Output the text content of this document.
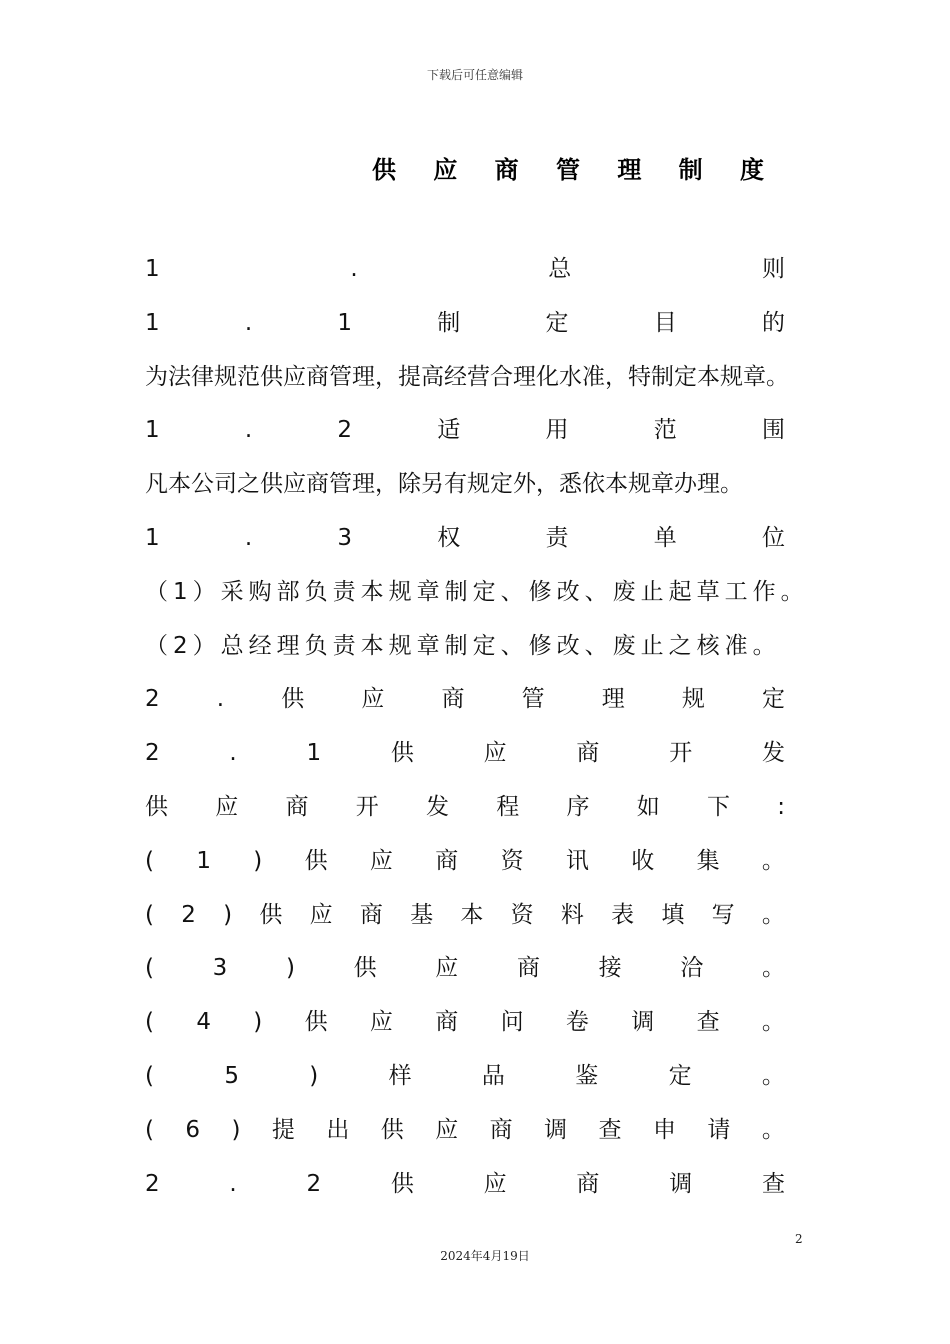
下载后可任意编辑
供 应 商 管 理 制 度
1	.	总	则
1	.	1	制	定	目	的
为法律规范供应商管理，提高经营合理化水准，特制定本规章。
1	.	2	适	用	范	围
凡本公司之供应商管理，除另有规定外，悉依本规章办理。
1	.	3	权	责	单	位
（1）采购部负责本规章制定、修改、废止起草工作。
（2）总经理负责本规章制定、修改、废止之核准。
2 . 供 应 商 管 理 规 定
2	.	1	供	应	商	开	发
供 应 商 开 发 程 序 如 下 :
( 1 ) 供 应 商 资 讯 收 集 。
( 2 ) 供 应 商 基 本 资 料 表 填 写 。
(	3	)	供	应	商	接	洽	。
( 4 ) 供 应 商 问 卷 调 查 。
(	5	)	样	品	鉴	定	。
( 6 ) 提 出 供 应 商 调 查 申 请 。
2	.	2	供	应	商	调	查
2
2024年4月19日
